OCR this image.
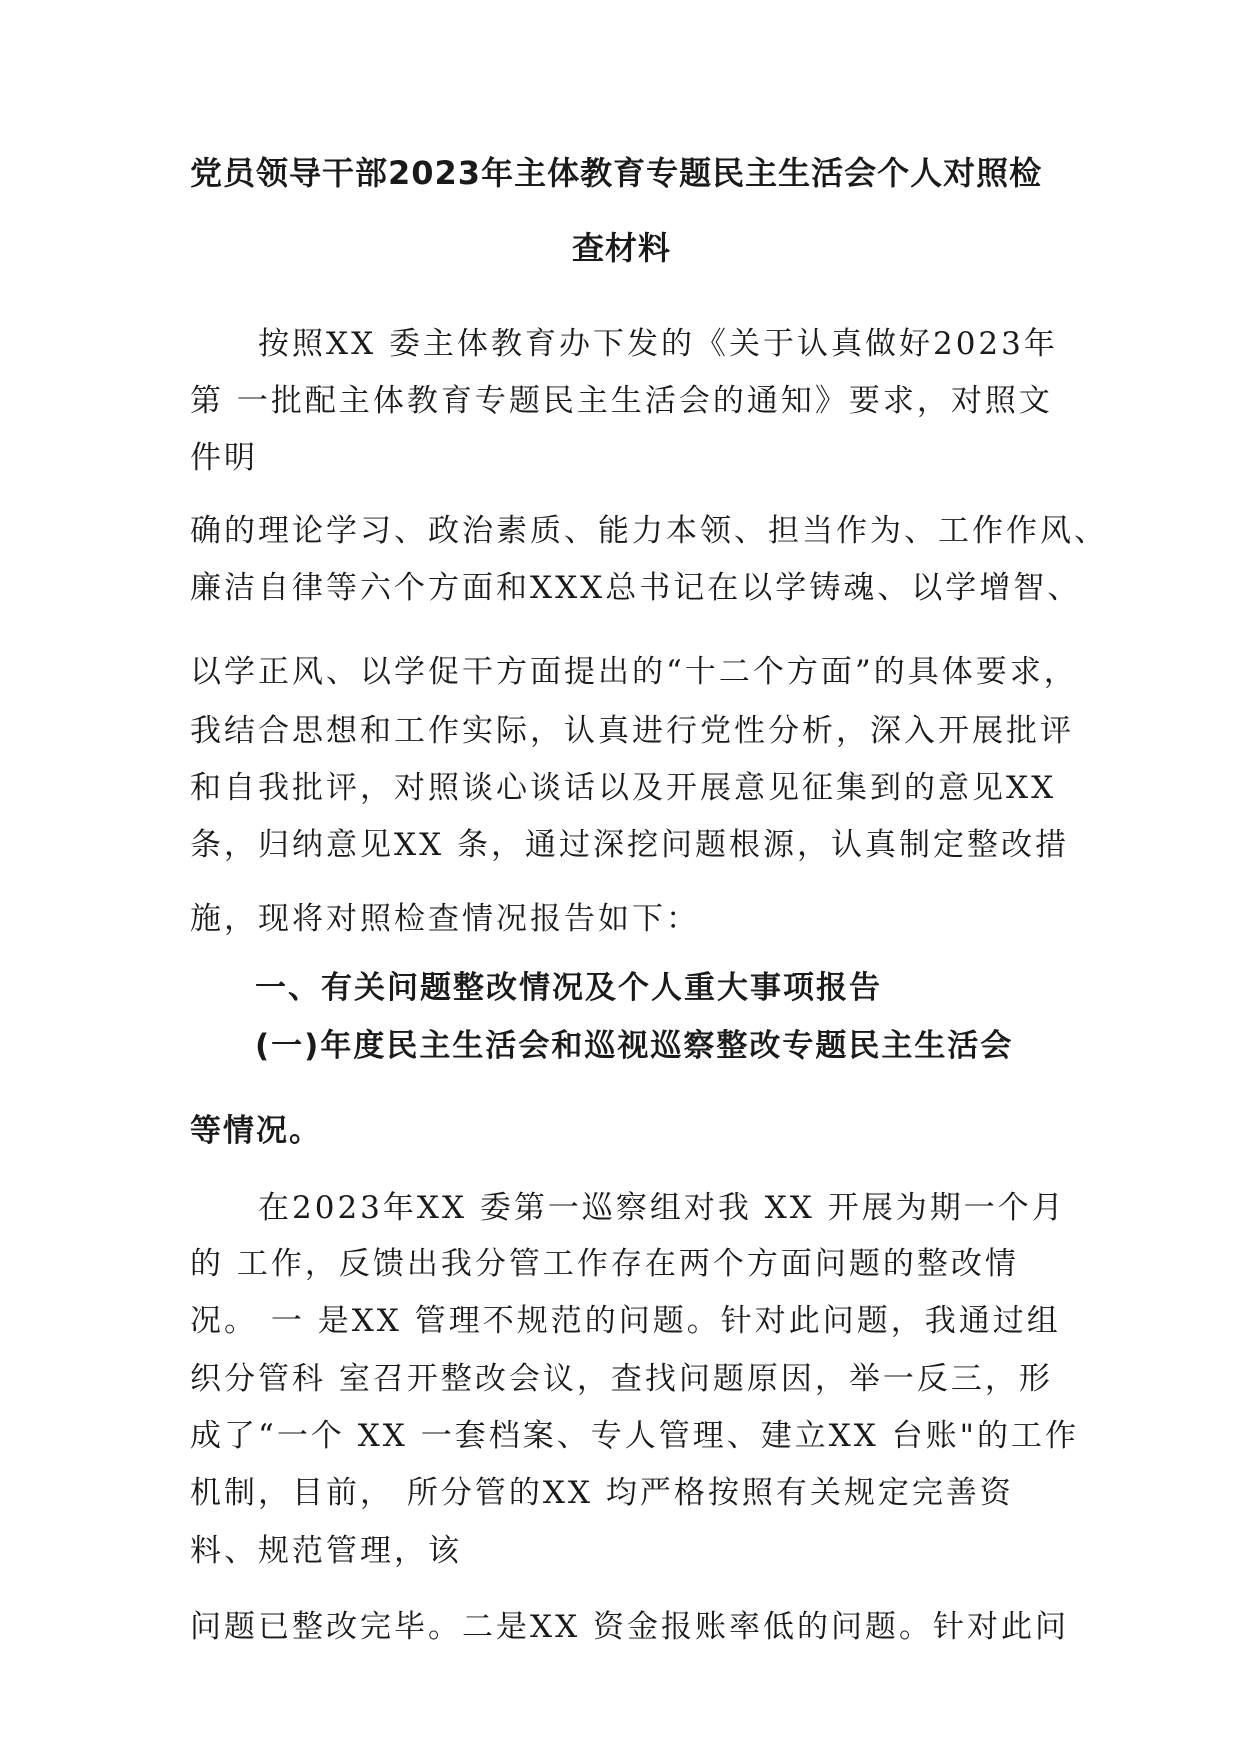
党员领导干部2023年主体教育专题民主生活会个人对照检
查材料
按照XX 委主体教育办下发的《关于认真做好2023年
第 一批配主体教育专题民主生活会的通知》要求，对照文
件明
确的理论学习、政治素质、能力本领、担当作为、工作作风、
廉洁自律等六个方面和XXX总书记在以学铸魂、以学增智、
以学正风、以学促干方面提出的“十二个方面”的具体要求，
我结合思想和工作实际，认真进行党性分析，深入开展批评
和自我批评，对照谈心谈话以及开展意见征集到的意见XX
条，归纳意见XX 条，通过深挖问题根源，认真制定整改措
施，现将对照检查情况报告如下：
一、有关问题整改情况及个人重大事项报告
(一)年度民主生活会和巡视巡察整改专题民主生活会
等情况。
在2023年XX 委第一巡察组对我 XX 开展为期一个月
的 工作，反馈出我分管工作存在两个方面问题的整改情
况。 一 是XX 管理不规范的问题。针对此问题，我通过组
织分管科 室召开整改会议，查找问题原因，举一反三，形
成了“一个 XX 一套档案、专人管理、建立XX 台账"的工作
机制，目前， 所分管的XX 均严格按照有关规定完善资
料、规范管理，该
问题已整改完毕。二是XX 资金报账率低的问题。针对此问
